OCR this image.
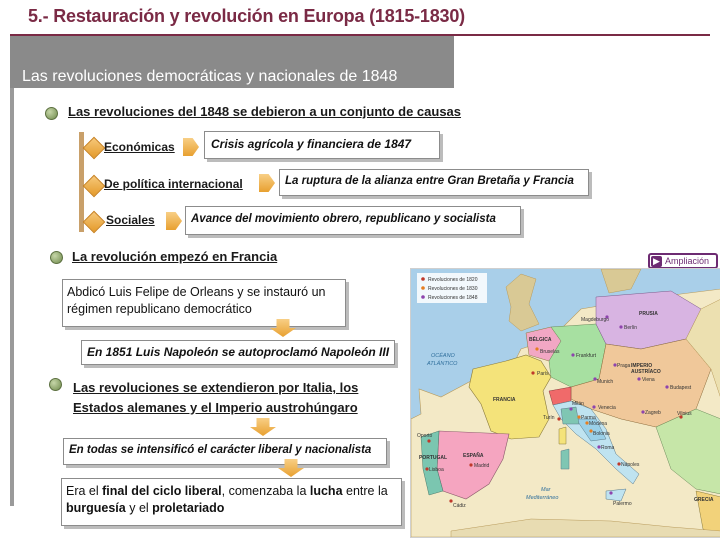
5.- Restauración y revolución en Europa (1815-1830)
Las revoluciones democráticas y nacionales de 1848
Las revoluciones del 1848 se debieron a un conjunto de causas
Económicas	Crisis agrícola y financiera de 1847
De política internacional	La ruptura de la alianza entre Gran Bretaña y Francia
Sociales	Avance del movimiento obrero, republicano y socialista
La revolución empezó en Francia
Abdicó Luis Felipe de Orleans y se instauró un
régimen republicano democrático
En 1851 Luis Napoleón se autoproclamó Napoleón III
Las revoluciones se extendieron por Italia, los
Estados alemanes y el Imperio austrohúngaro
En todas se intensificó el carácter liberal y nacionalista
Era el final del ciclo liberal, comenzaba la lucha entre la
burguesía y el proletariado
▶ Ampliación
Revoluciones de 1820
Revoluciones de 1830
Revoluciones de 1848
OCÉANO
ATLÁNTICO
FRANCIA
ESPAÑA
PORTUGAL
BÉLGICA
PRUSIA
IMPERIO
AUSTRÍACO
Mar
Mediterráneo	GRECIA
París
Bruselas
Frankfurt
Berlín
Magdeburgo
Munich	Viena
Budapest
Praga
Zagreb
Milán
Venecia
Turín	Parma
Módena
Bolonia
Roma
Nápoles
Palermo
Oporto
Lisboa
Madrid
Cádiz
Vilnius
